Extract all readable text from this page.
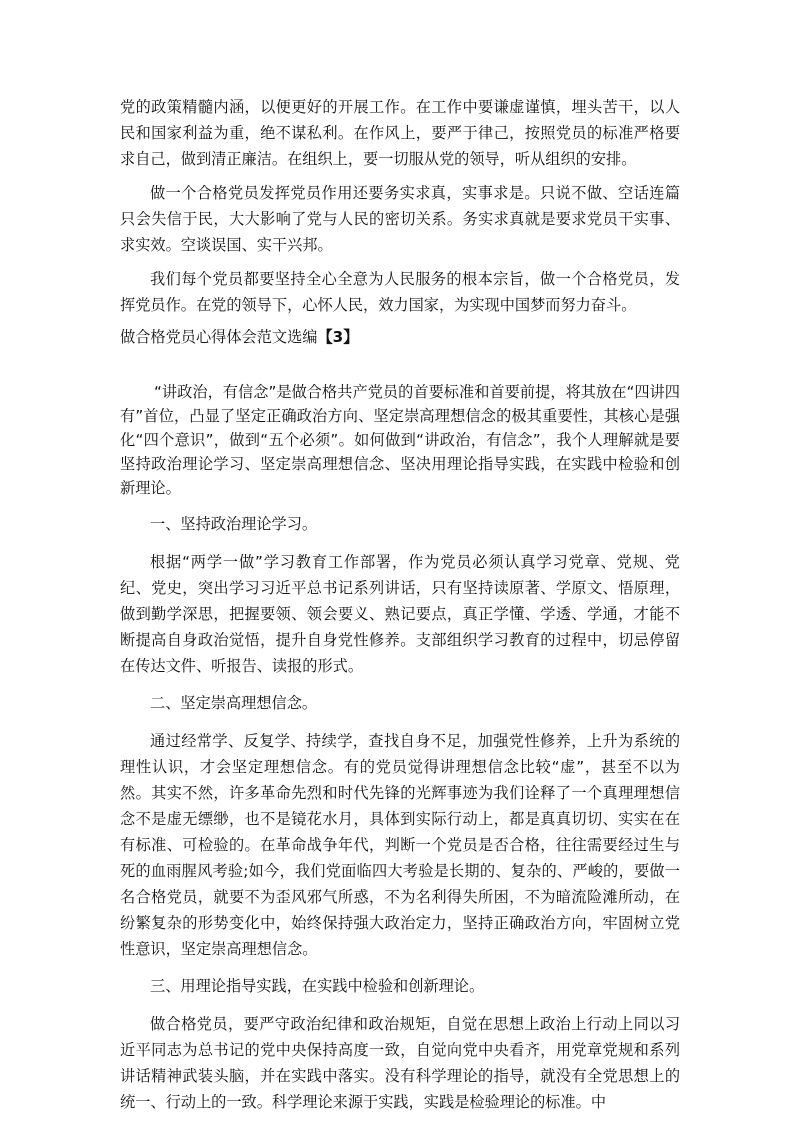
党的政策精髓内涵，以便更好的开展工作。在工作中要谦虚谨慎，埋头苦干，以人民和国家利益为重，绝不谋私利。在作风上，要严于律己，按照党员的标准严格要求自己，做到清正廉洁。在组织上，要一切服从党的领导，听从组织的安排。

做一个合格党员发挥党员作用还要务实求真，实事求是。只说不做、空话连篇只会失信于民，大大影响了党与人民的密切关系。务实求真就是要求党员干实事、求实效。空谈误国、实干兴邦。

我们每个党员都要坚持全心全意为人民服务的根本宗旨，做一个合格党员，发挥党员作。在党的领导下，心怀人民，效力国家，为实现中国梦而努力奋斗。

做合格党员心得体会范文选编【3】

“讲政治，有信念”是做合格共产党员的首要标准和首要前提，将其放在“四讲四有”首位，凸显了坚定正确政治方向、坚定崇高理想信念的极其重要性，其核心是强化“四个意识”，做到“五个必须”。如何做到“讲政治，有信念”，我个人理解就是要坚持政治理论学习、坚定崇高理想信念、坚决用理论指导实践，在实践中检验和创新理论。

一、坚持政治理论学习。

根据“两学一做”学习教育工作部署，作为党员必须认真学习党章、党规、党纪、党史，突出学习习近平总书记系列讲话，只有坚持读原著、学原文、悟原理，做到勤学深思，把握要领、领会要义、熟记要点，真正学懂、学透、学通，才能不断提高自身政治觉悟，提升自身党性修养。支部组织学习教育的过程中，切忌停留在传达文件、听报告、读报的形式。

二、坚定崇高理想信念。

通过经常学、反复学、持续学，查找自身不足，加强党性修养，上升为系统的理性认识，才会坚定理想信念。有的党员觉得讲理想信念比较“虚”，甚至不以为然。其实不然，许多革命先烈和时代先锋的光辉事迹为我们诠释了一个真理理想信念不是虚无缥缈，也不是镜花水月，具体到实际行动上，都是真真切切、实实在在有标准、可检验的。在革命战争年代，判断一个党员是否合格，往往需要经过生与死的血雨腥风考验;如今，我们党面临四大考验是长期的、复杂的、严峻的，要做一名合格党员，就要不为歪风邪气所惑，不为名利得失所困，不为暗流险滩所动，在纷繁复杂的形势变化中，始终保持强大政治定力，坚持正确政治方向，牢固树立党性意识，坚定崇高理想信念。

三、用理论指导实践，在实践中检验和创新理论。

做合格党员，要严守政治纪律和政治规矩，自觉在思想上政治上行动上同以习近平同志为总书记的党中央保持高度一致，自觉向党中央看齐，用党章党规和系列讲话精神武装头脑，并在实践中落实。没有科学理论的指导，就没有全党思想上的统一、行动上的一致。科学理论来源于实践，实践是检验理论的标准。中
